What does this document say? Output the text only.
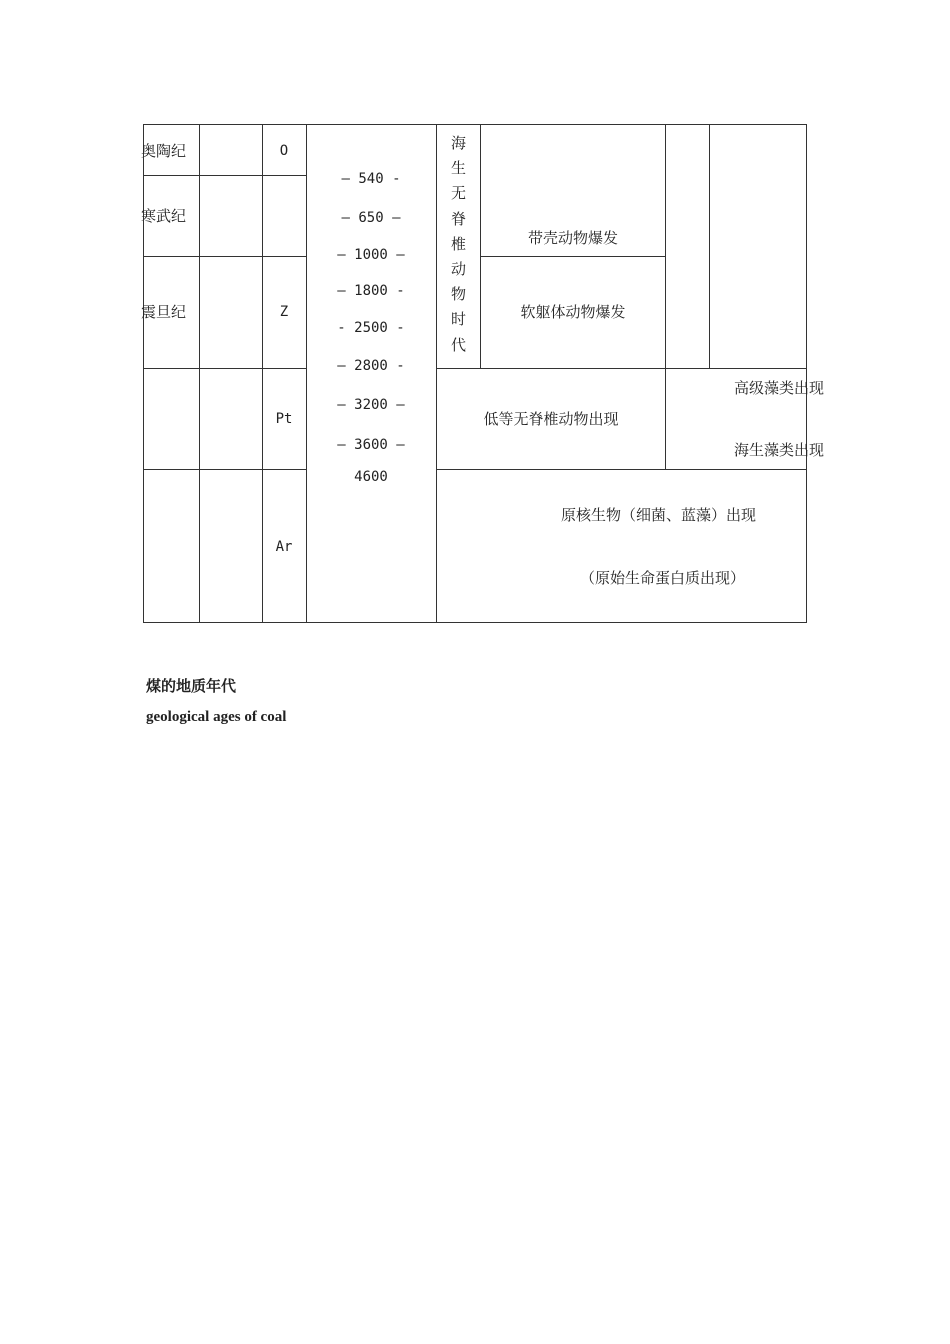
奥陶纪
寒武纪
震旦纪
O
Z
Pt
Ar
— 540 -
— 650 —
— 1000 —
— 1800 -
- 2500 -
— 2800 -
— 3200 —
— 3600 —
4600
海
生
无
脊
椎
动
物
时
代
带壳动物爆发
软躯体动物爆发
低等无脊椎动物出现
高级藻类出现
海生藻类出现
原核生物（细菌、蓝藻）出现
（原始生命蛋白质出现）
煤的地质年代
geological ages of coal
